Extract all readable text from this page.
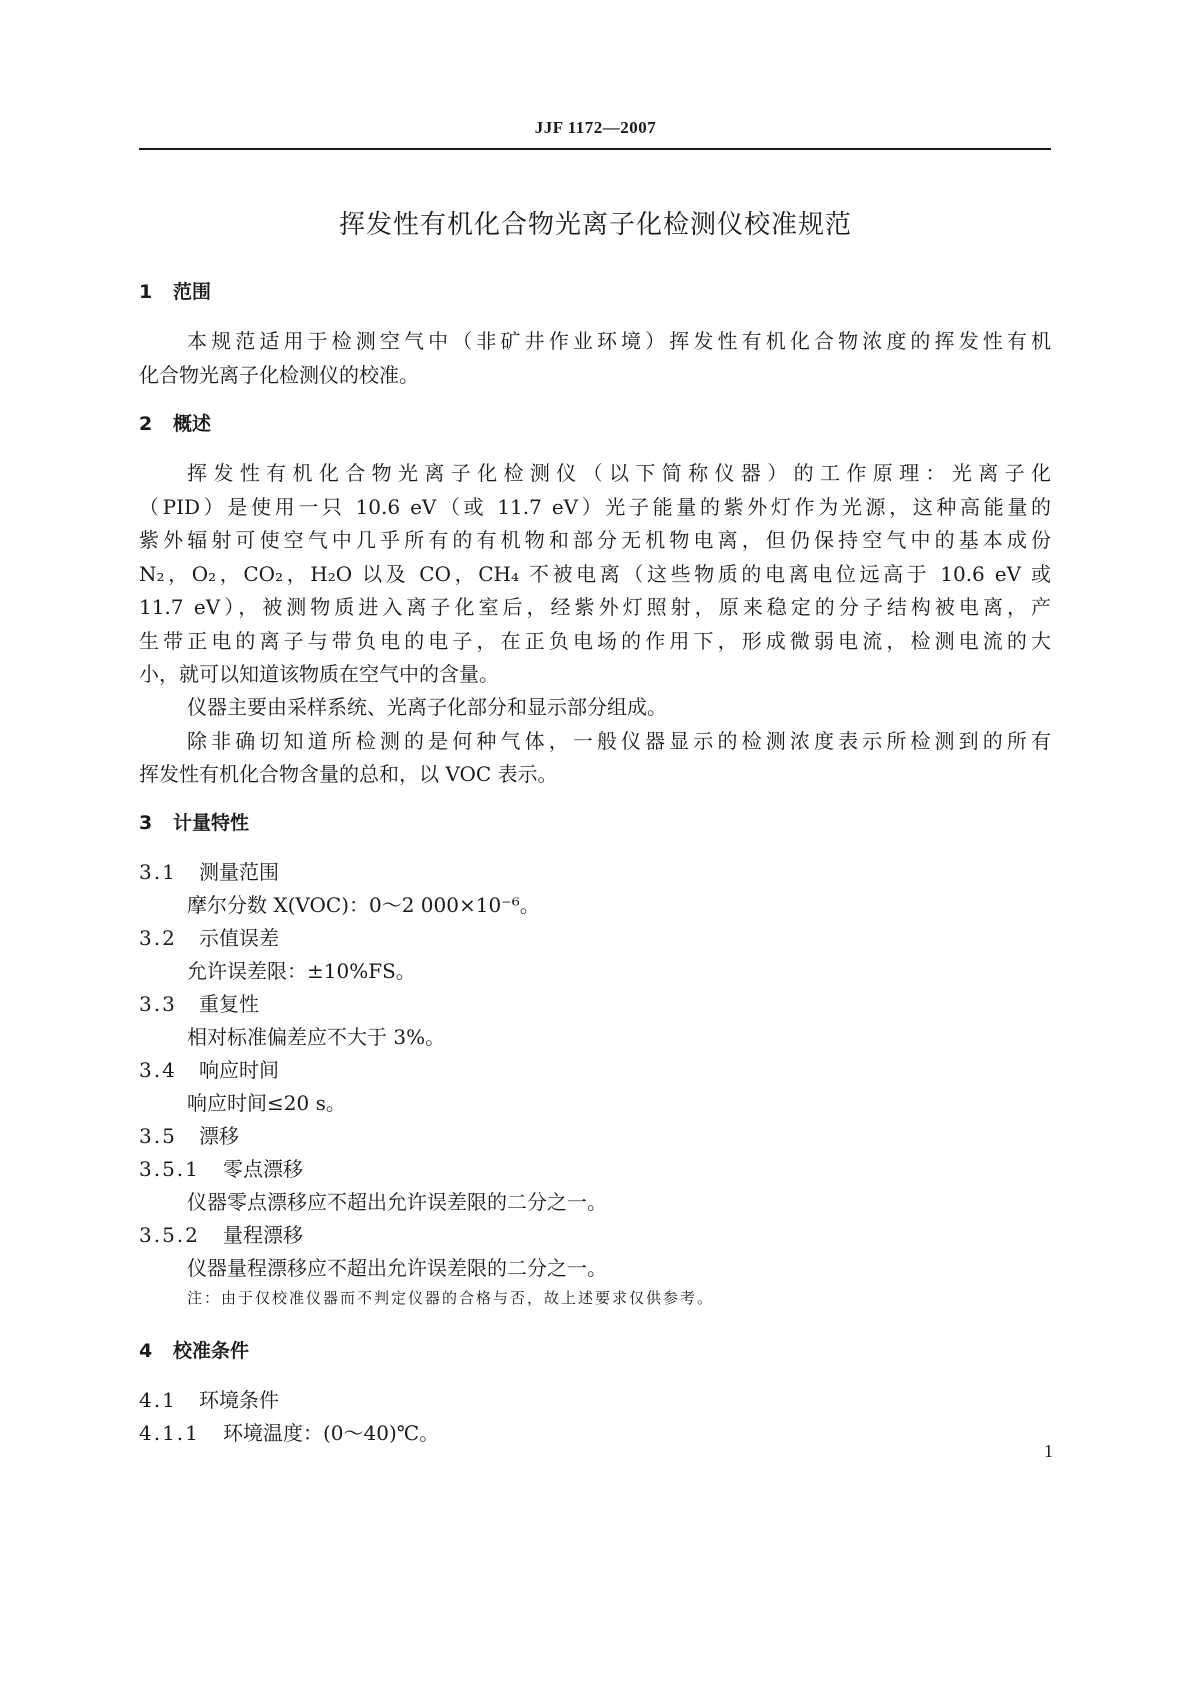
JJF 1172—2007
挥发性有机化合物光离子化检测仪校准规范
1 范围
本规范适用于检测空气中（非矿井作业环境）挥发性有机化合物浓度的挥发性有机
化合物光离子化检测仪的校准。
2 概述
挥发性有机化合物光离子化检测仪（以下简称仪器）的工作原理：光离子化
（PID）是使用一只 10.6 eV（或 11.7 eV）光子能量的紫外灯作为光源，这种高能量的
紫外辐射可使空气中几乎所有的有机物和部分无机物电离，但仍保持空气中的基本成份
N₂，O₂，CO₂，H₂O 以及 CO，CH₄ 不被电离（这些物质的电离电位远高于 10.6 eV 或
11.7 eV），被测物质进入离子化室后，经紫外灯照射，原来稳定的分子结构被电离，产
生带正电的离子与带负电的电子，在正负电场的作用下，形成微弱电流，检测电流的大
小，就可以知道该物质在空气中的含量。
仪器主要由采样系统、光离子化部分和显示部分组成。
除非确切知道所检测的是何种气体，一般仪器显示的检测浓度表示所检测到的所有
挥发性有机化合物含量的总和，以 VOC 表示。
3 计量特性
3.1 测量范围
摩尔分数 X(VOC)：0～2 000×10⁻⁶。
3.2 示值误差
允许误差限：±10%FS。
3.3 重复性
相对标准偏差应不大于 3%。
3.4 响应时间
响应时间≤20 s。
3.5 漂移
3.5.1 零点漂移
仪器零点漂移应不超出允许误差限的二分之一。
3.5.2 量程漂移
仪器量程漂移应不超出允许误差限的二分之一。
注：由于仅校准仪器而不判定仪器的合格与否，故上述要求仅供参考。
4 校准条件
4.1 环境条件
4.1.1 环境温度：(0～40)℃。
1
